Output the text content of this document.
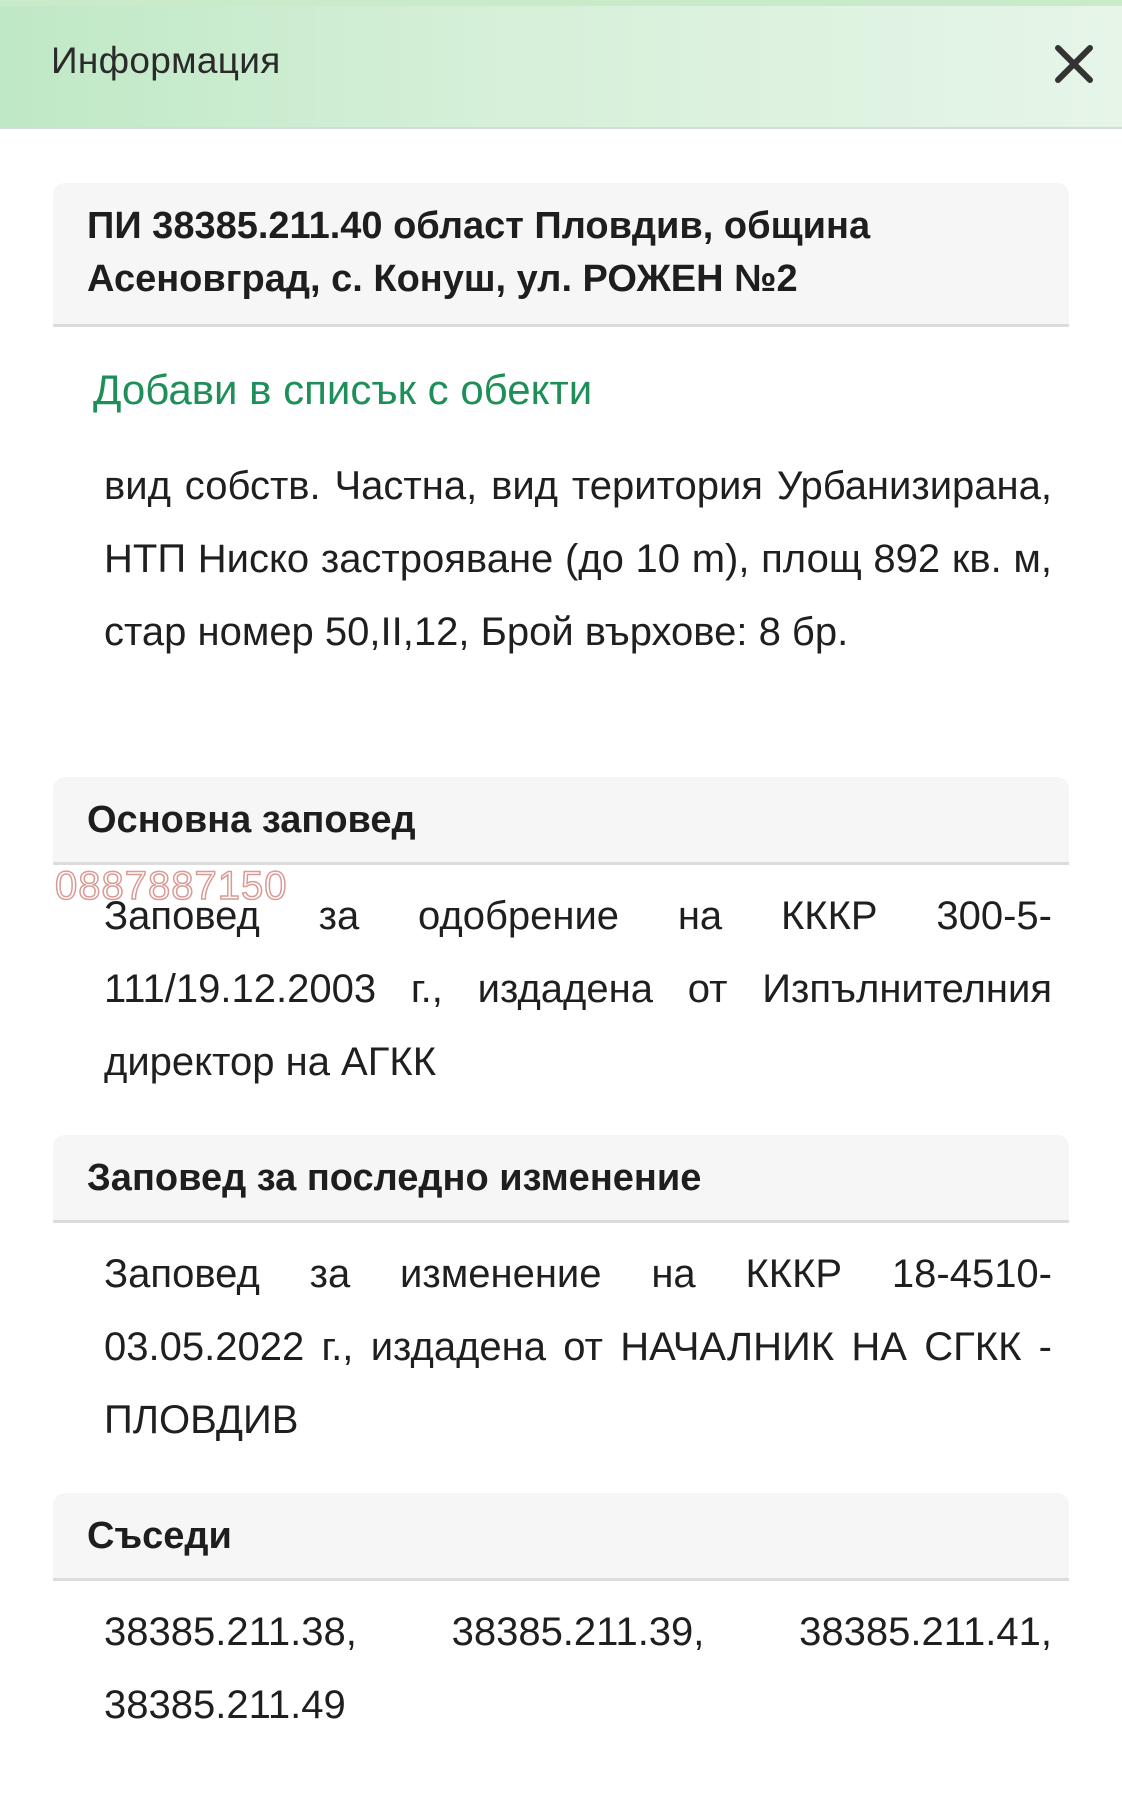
Информация
ПИ 38385.211.40 област Пловдив, община Асеновград, с. Конуш, ул. РОЖЕН №2
Добави в списък с обекти
вид собств. Частна, вид територия Урбанизирана, НТП Ниско застрояване (до 10 m), площ 892 кв. м, стар номер 50,II,12, Брой върхове: 8 бр.
Основна заповед
Заповед за одобрение на КККР 300-5-111/19.12.2003 г., издадена от Изпълнителния директор на АГКК
0887887150
Заповед за последно изменение
Заповед за изменение на КККР 18-4510-03.05.2022 г., издадена от НАЧАЛНИК НА СГКК - ПЛОВДИВ
Съседи
38385.211.38, 38385.211.39, 38385.211.41, 38385.211.49
